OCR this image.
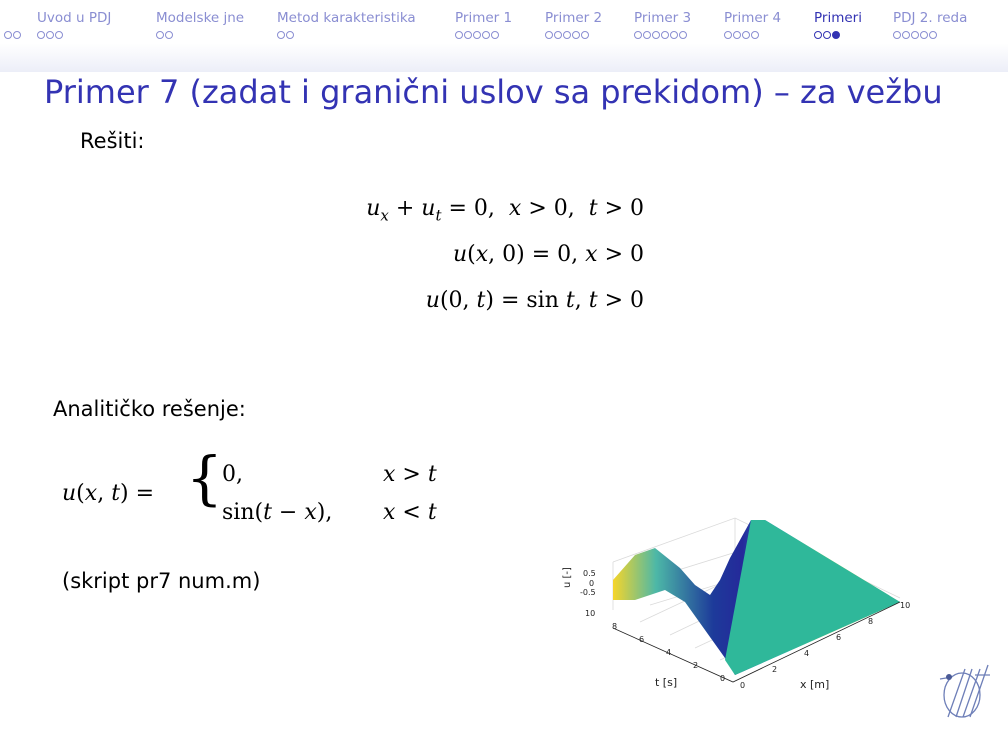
Uvod u PDJ	Modelske jne Metod karakteristika	Primer 1 Primer 2 Primer 3 Primer 4 Primeri PDJ 2. reda
Primer 7 (zadat i granični uslov sa prekidom) – za vežbu
Rešiti:
$u_x + u_t = 0$,  x > 0,  t > 0
u(x, 0) = 0, x > 0
u(0, t) = sin t, t > 0
Analitičko rešenje:
u(x, t) = { 0,	x > t
sin(t − x), x < t
(skript pr7 num.m)	0.5
0
-0.5
u [-]
t [s]	x [m]
10
8
6
4
2
0
0
2
4
6
8
10
